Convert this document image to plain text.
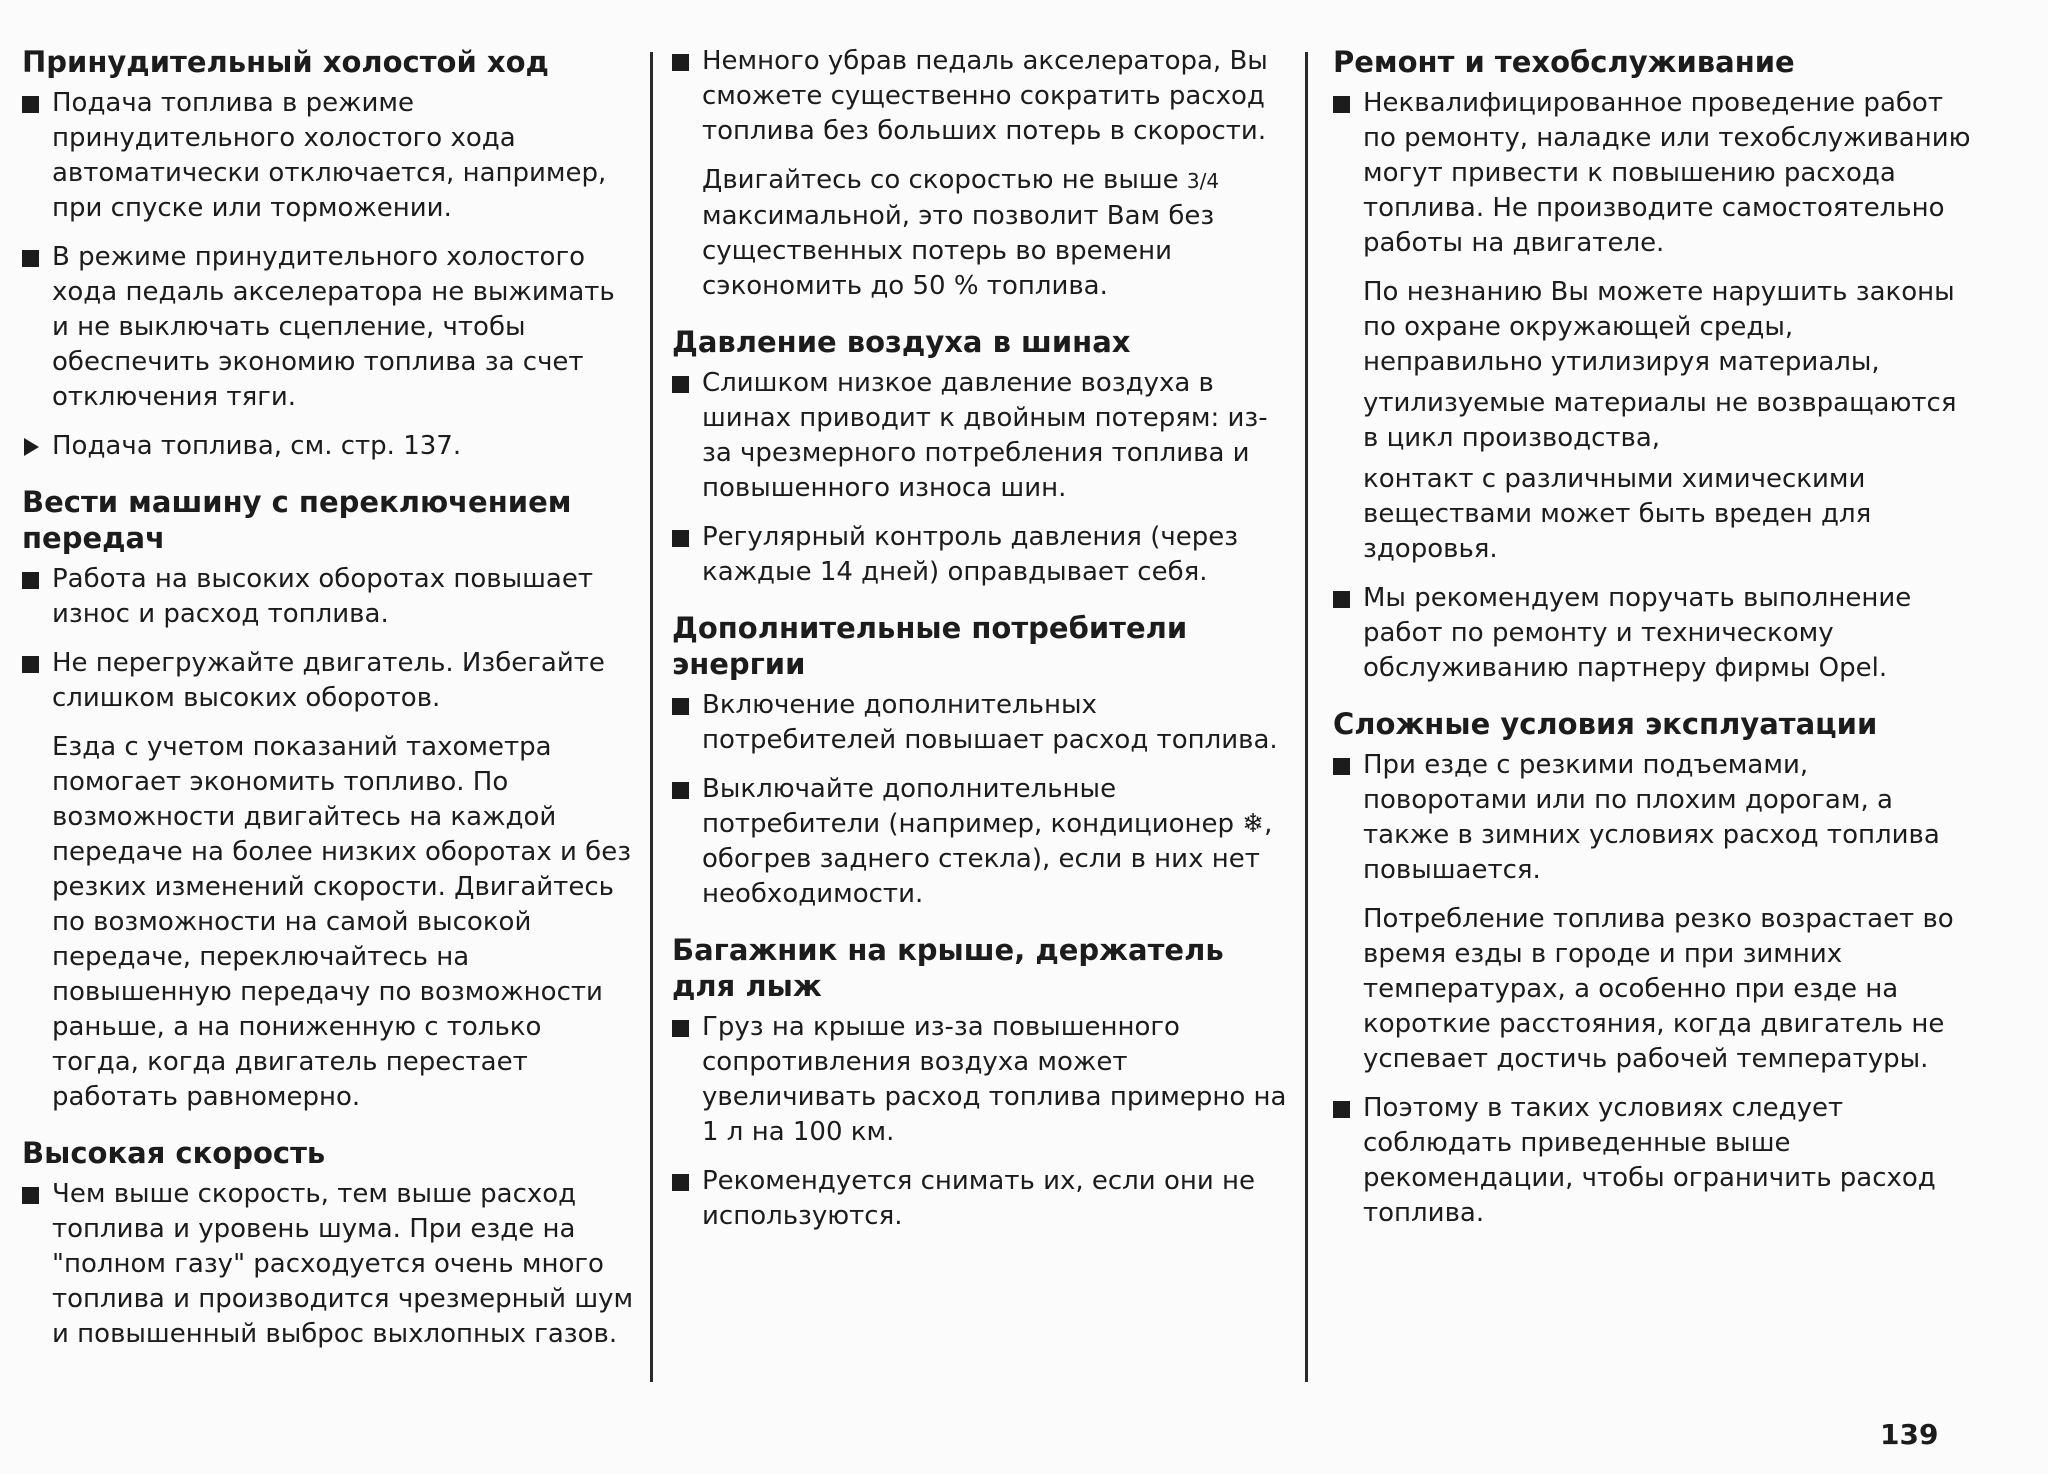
Принудительный холостой ход
Подача топлива в режиме принудительного холостого хода автоматически отключается, например, при спуске или торможении.
В режиме принудительного холостого хода педаль акселератора не выжимать и не выключать сцепление, чтобы обеспечить экономию топлива за счет отключения тяги.
Подача топлива, см. стр. 137.
Вести машину с переключением передач
Работа на высоких оборотах повышает износ и расход топлива.
Не перегружайте двигатель. Избегайте слишком высоких оборотов.
Езда с учетом показаний тахометра помогает экономить топливо. По возможности двигайтесь на каждой передаче на более низких оборотах и без резких изменений скорости. Двигайтесь по возможности на самой высокой передаче, переключайтесь на повышенную передачу по возможности раньше, а на пониженную с только тогда, когда двигатель перестает работать равномерно.
Высокая скорость
Чем выше скорость, тем выше расход топлива и уровень шума. При езде на "полном газу" расходуется очень много топлива и производится чрезмерный шум и повышенный выброс выхлопных газов.
Немного убрав педаль акселератора, Вы сможете существенно сократить расход топлива без больших потерь в скорости.
Двигайтесь со скоростью не выше 3/4 максимальной, это позволит Вам без существенных потерь во времени сэкономить до 50 % топлива.
Давление воздуха в шинах
Слишком низкое давление воздуха в шинах приводит к двойным потерям: из-за чрезмерного потребления топлива и повышенного износа шин.
Регулярный контроль давления (через каждые 14 дней) оправдывает себя.
Дополнительные потребители энергии
Включение дополнительных потребителей повышает расход топлива.
Выключайте дополнительные потребители (например, кондиционер ❄, обогрев заднего стекла), если в них нет необходимости.
Багажник на крыше, держатель для лыж
Груз на крыше из-за повышенного сопротивления воздуха может увеличивать расход топлива примерно на 1 л на 100 км.
Рекомендуется снимать их, если они не используются.
Ремонт и техобслуживание
Неквалифицированное проведение работ по ремонту, наладке или техобслуживанию могут привести к повышению расхода топлива. Не производите самостоятельно работы на двигателе.
По незнанию Вы можете нарушить законы по охране окружающей среды, неправильно утилизируя материалы,
утилизуемые материалы не возвращаются в цикл производства,
контакт с различными химическими веществами может быть вреден для здоровья.
Мы рекомендуем поручать выполнение работ по ремонту и техническому обслуживанию партнеру фирмы Opel.
Сложные условия эксплуатации
При езде с резкими подъемами, поворотами или по плохим дорогам, а также в зимних условиях расход топлива повышается.
Потребление топлива резко возрастает во время езды в городе и при зимних температурах, а особенно при езде на короткие расстояния, когда двигатель не успевает достичь рабочей температуры.
Поэтому в таких условиях следует соблюдать приведенные выше рекомендации, чтобы ограничить расход топлива.
139
